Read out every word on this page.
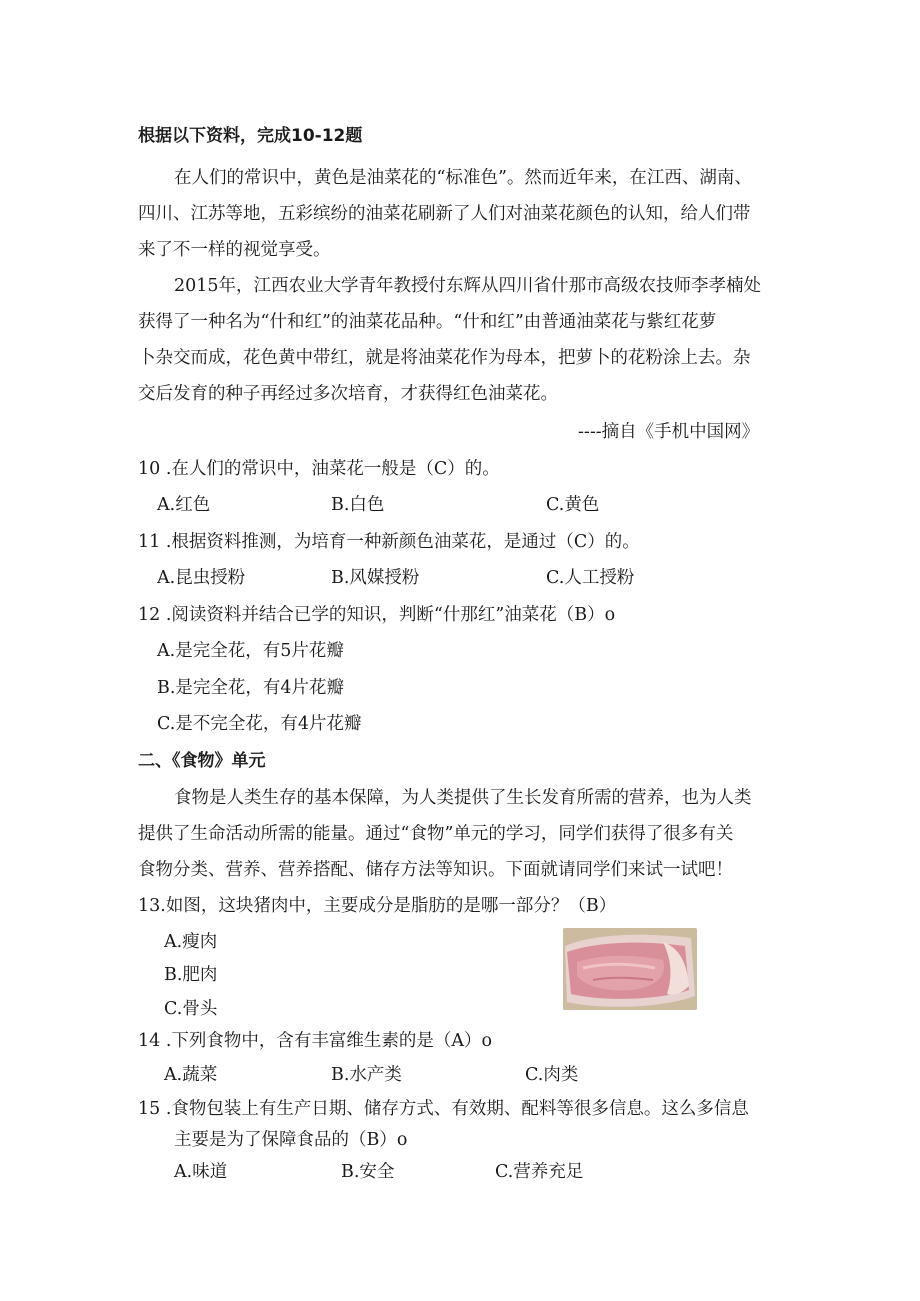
根据以下资料，完成10-12题
在人们的常识中，黄色是油菜花的“标准色”。然而近年来，在江西、湖南、
四川、江苏等地，五彩缤纷的油菜花刷新了人们对油菜花颜色的认知，给人们带
来了不一样的视觉享受。
2015年，江西农业大学青年教授付东辉从四川省什那市高级农技师李孝楠处
获得了一种名为“什和红”的油菜花品种。“什和红”由普通油菜花与紫红花萝
卜杂交而成，花色黄中带红，就是将油菜花作为母本，把萝卜的花粉涂上去。杂
交后发育的种子再经过多次培育，才获得红色油菜花。
----摘自《手机中国网》
10 .在人们的常识中，油菜花一般是（C）的。
A.红色	B.白色	C.黄色
11 .根据资料推测，为培育一种新颜色油菜花，是通过（C）的。
A.昆虫授粉	B.风媒授粉	C.人工授粉
12 .阅读资料并结合已学的知识，判断“什那红”油菜花（B）o
A.是完全花，有5片花瓣
B.是完全花，有4片花瓣
C.是不完全花，有4片花瓣
二、《食物》单元
食物是人类生存的基本保障，为人类提供了生长发育所需的营养，也为人类
提供了生命活动所需的能量。通过“食物”单元的学习，同学们获得了很多有关
食物分类、营养、营养搭配、储存方法等知识。下面就请同学们来试一试吧！
13.如图，这块猪肉中，主要成分是脂肪的是哪一部分？（B）
A.瘦肉
B.肥肉
C.骨头
14 .下列食物中，含有丰富维生素的是（A）o
A.蔬菜	B.水产类	C.肉类
15 .食物包装上有生产日期、储存方式、有效期、配料等很多信息。这么多信息
主要是为了保障食品的（B）o
A.味道	B.安全	C.营养充足
